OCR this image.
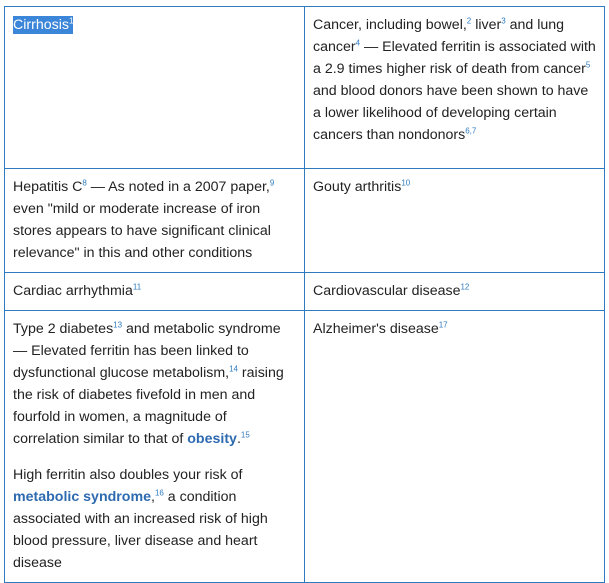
Cirrhosis$^1$	Cancer, including bowel,$^2$ liver$^3$ and lung cancer$^4$ — Elevated ferritin is associated with a 2.9 times higher risk of death from cancer$^5$ and blood donors have been shown to have a lower likelihood of developing certain cancers than nondonors$^{6,7}$
Hepatitis $C^8$ — As noted in a 2007 paper,$^9$ even "mild or moderate increase of iron stores appears to have significant clinical relevance" in this and other conditions	Gouty arthritis$^{10}$
Cardiac arrhythmia$^{11}$	Cardiovascular disease$^{12}$

Type 2 diabetes$^{13}$ and metabolic syndrome — Elevated ferritin has been linked to dysfunctional glucose metabolism,$^{14}$ raising the risk of diabetes fivefold in men and fourfold in women, a magnitude of correlation similar to that of obesity.$^{15}$

High ferritin also doubles your risk of metabolic syndrome,$^{16}$ a condition associated with an increased risk of high blood pressure, liver disease and heart disease	Alzheimer's disease$^{17}$
